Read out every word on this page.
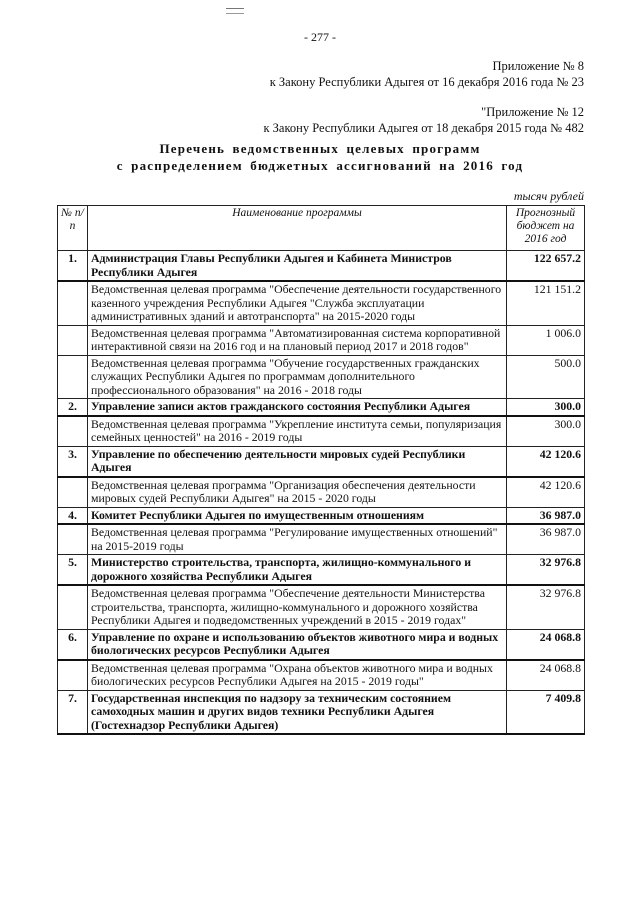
- 277 -
Приложение № 8
к Закону Республики Адыгея от 16 декабря 2016 года № 23
"Приложение № 12
к Закону Республики Адыгея от 18 декабря 2015 года № 482
Перечень ведомственных целевых программ
с распределением бюджетных ассигнований на 2016 год
тысяч рублей
№ п/п	Наименование программы	Прогнозный бюджет на 2016 год
1.	Администрация Главы Республики Адыгея и Кабинета Министров Республики Адыгея	122 657.2
	Ведомственная целевая программа "Обеспечение деятельности государственного казенного учреждения Республики Адыгея "Служба эксплуатации административных зданий и автотранспорта" на 2015-2020 годы	121 151.2
	Ведомственная целевая программа "Автоматизированная система корпоративной интерактивной связи на 2016 год и на плановый период 2017 и 2018 годов"	1 006.0
	Ведомственная целевая программа "Обучение государственных гражданских служащих Республики Адыгея по программам дополнительного профессионального образования" на 2016 - 2018 годы	500.0
2.	Управление записи актов гражданского состояния Республики Адыгея	300.0
	Ведомственная целевая программа "Укрепление института семьи, популяризация семейных ценностей" на 2016 - 2019 годы	300.0
3.	Управление по обеспечению деятельности мировых судей Республики Адыгея	42 120.6
	Ведомственная целевая программа "Организация обеспечения деятельности мировых судей Республики Адыгея" на 2015 - 2020 годы	42 120.6
4.	Комитет Республики Адыгея по имущественным отношениям	36 987.0
	Ведомственная целевая программа "Регулирование имущественных отношений" на 2015-2019 годы	36 987.0
5.	Министерство строительства, транспорта, жилищно-коммунального и дорожного хозяйства Республики Адыгея	32 976.8
	Ведомственная целевая программа "Обеспечение деятельности Министерства строительства, транспорта, жилищно-коммунального и дорожного хозяйства Республики Адыгея и подведомственных учреждений в 2015 - 2019 годах"	32 976.8
6.	Управление по охране и использованию объектов животного мира и водных биологических ресурсов Республики Адыгея	24 068.8
	Ведомственная целевая программа "Охрана объектов животного мира и водных биологических ресурсов Республики Адыгея на 2015 - 2019 годы"	24 068.8
7.	Государственная инспекция по надзору за техническим состоянием самоходных машин и других видов техники Республики Адыгея (Гостехнадзор Республики Адыгея)	7 409.8
